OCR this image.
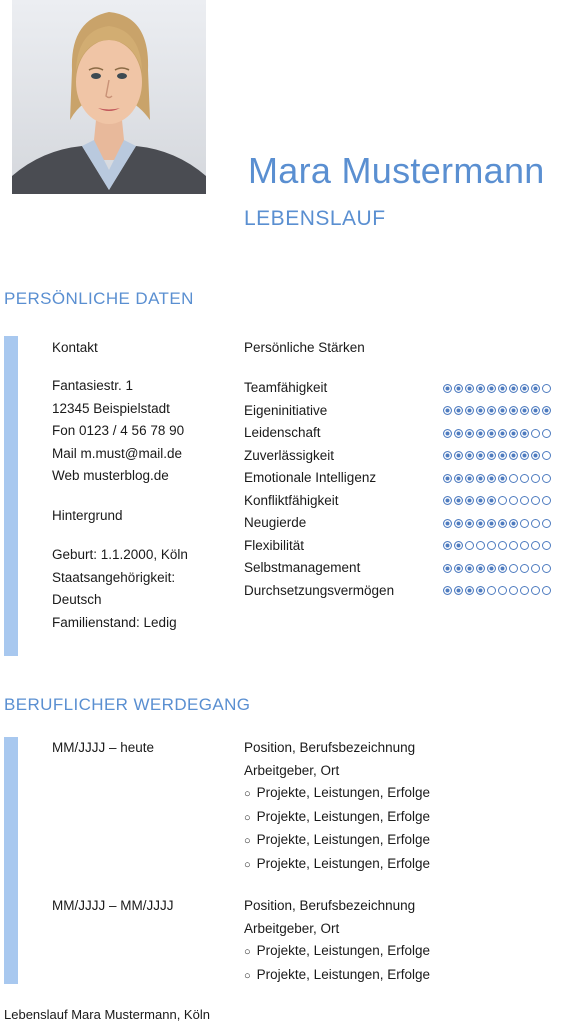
Mara Mustermann
LEBENSLAUF
PERSÖNLICHE DATEN
Kontakt
Fantasiestr. 1
12345 Beispielstadt
Fon 0123 / 4 56 78 90
Mail m.must@mail.de
Web musterblog.de
Hintergrund
Geburt: 1.1.2000, Köln
Staatsangehörigkeit:
Deutsch
Familienstand: Ledig
Persönliche Stärken
Teamfähigkeit
Eigeninitiative
Leidenschaft
Zuverlässigkeit
Emotionale Intelligenz
Konfliktfähigkeit
Neugierde
Flexibilität
Selbstmanagement
Durchsetzungsvermögen
BERUFLICHER WERDEGANG
MM/JJJJ – heute	Position, Berufsbezeichnung
Arbeitgeber, Ort
○ Projekte, Leistungen, Erfolge
○ Projekte, Leistungen, Erfolge
○ Projekte, Leistungen, Erfolge
○ Projekte, Leistungen, Erfolge
MM/JJJJ – MM/JJJJ	Position, Berufsbezeichnung
Arbeitgeber, Ort
○ Projekte, Leistungen, Erfolge
○ Projekte, Leistungen, Erfolge
Lebenslauf Mara Mustermann, Köln
